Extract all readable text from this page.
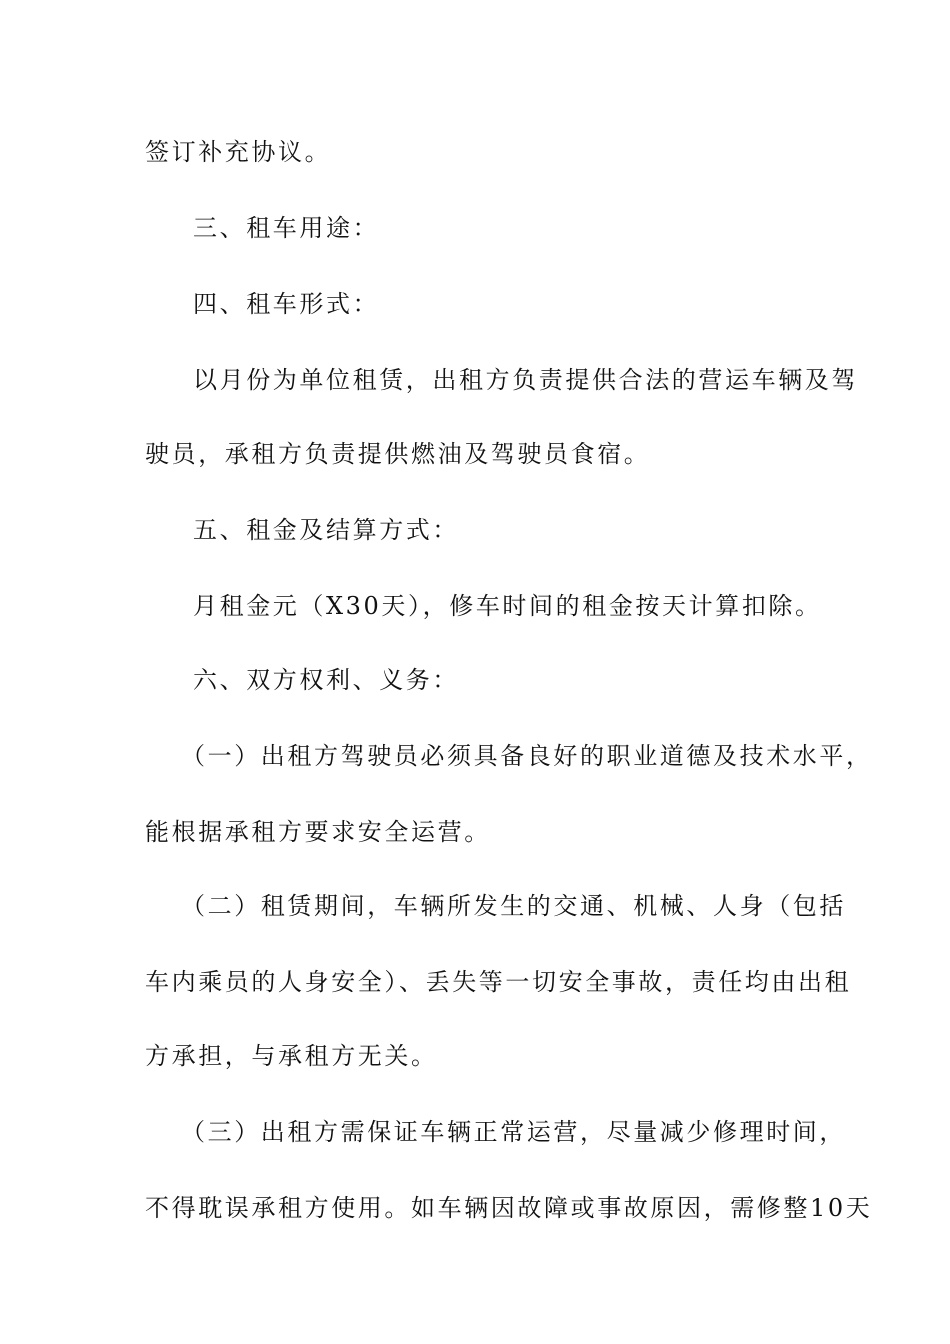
签订补充协议。
三、租车用途：
四、租车形式：
以月份为单位租赁，出租方负责提供合法的营运车辆及驾
驶员，承租方负责提供燃油及驾驶员食宿。
五、租金及结算方式：
月租金元（X30天），修车时间的租金按天计算扣除。
六、双方权利、义务：
（一）出租方驾驶员必须具备良好的职业道德及技术水平，
能根据承租方要求安全运营。
（二）租赁期间，车辆所发生的交通、机械、人身（包括
车内乘员的人身安全）、丢失等一切安全事故，责任均由出租
方承担，与承租方无关。
（三）出租方需保证车辆正常运营，尽量减少修理时间，
不得耽误承租方使用。如车辆因故障或事故原因，需修整10天
